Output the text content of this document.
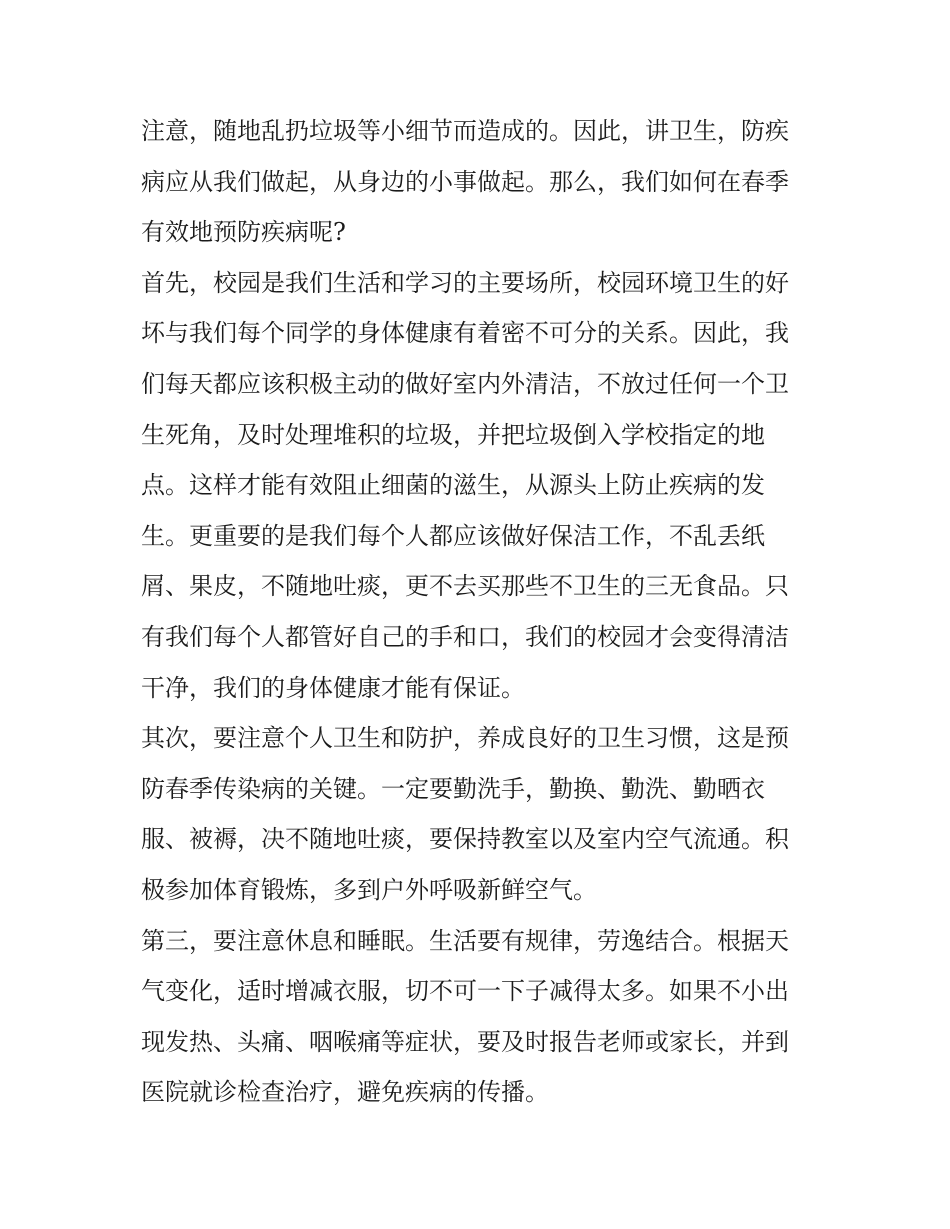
注意，随地乱扔垃圾等小细节而造成的。因此，讲卫生，防疾
病应从我们做起，从身边的小事做起。那么，我们如何在春季
有效地预防疾病呢?

首先，校园是我们生活和学习的主要场所，校园环境卫生的好
坏与我们每个同学的身体健康有着密不可分的关系。因此，我
们每天都应该积极主动的做好室内外清洁，不放过任何一个卫
生死角，及时处理堆积的垃圾，并把垃圾倒入学校指定的地
点。这样才能有效阻止细菌的滋生，从源头上防止疾病的发
生。更重要的是我们每个人都应该做好保洁工作，不乱丢纸
屑、果皮，不随地吐痰，更不去买那些不卫生的三无食品。只
有我们每个人都管好自己的手和口，我们的校园才会变得清洁
干净，我们的身体健康才能有保证。

其次，要注意个人卫生和防护，养成良好的卫生习惯，这是预
防春季传染病的关键。一定要勤洗手，勤换、勤洗、勤晒衣
服、被褥，决不随地吐痰，要保持教室以及室内空气流通。积
极参加体育锻炼，多到户外呼吸新鲜空气。

第三，要注意休息和睡眠。生活要有规律，劳逸结合。根据天
气变化，适时增减衣服，切不可一下子减得太多。如果不小出
现发热、头痛、咽喉痛等症状，要及时报告老师或家长，并到
医院就诊检查治疗，避免疾病的传播。
